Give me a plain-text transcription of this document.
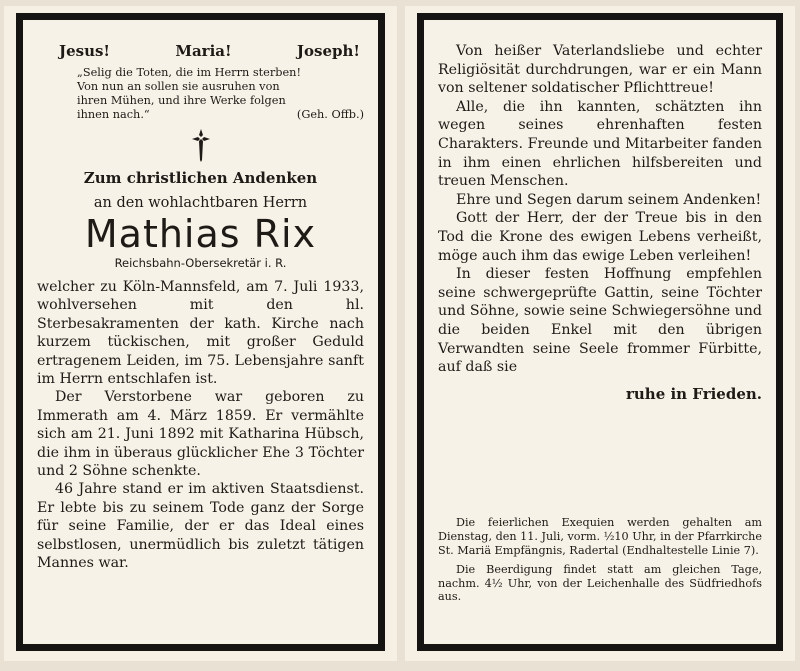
Jesus!	Maria!	Joseph!
„Selig die Toten, die im Herrn sterben!
Von nun an sollen sie ausruhen von
ihren Mühen, und ihre Werke folgen
ihnen nach.“	(Geh. Offb.)
Zum christlichen Andenken
an den wohlachtbaren Herrn
Mathias Rix
Reichsbahn-Obersekretär i. R.

welcher zu Köln-Mannsfeld, am 7. Juli 1933, wohlversehen mit den hl. Sterbesakramenten der kath. Kirche nach kurzem tückischen, mit großer Geduld ertragenem Leiden, im 75. Lebensjahre sanft im Herrn entschlafen ist.

Der Verstorbene war geboren zu Immerath am 4. März 1859. Er vermählte sich am 21. Juni 1892 mit Katharina Hübsch, die ihm in überaus glücklicher Ehe 3 Töchter und 2 Söhne schenkte.

46 Jahre stand er im aktiven Staatsdienst. Er lebte bis zu seinem Tode ganz der Sorge für seine Familie, der er das Ideal eines selbstlosen, unermüdlich bis zuletzt tätigen Mannes war.

Von heißer Vaterlandsliebe und echter Religiösität durchdrungen, war er ein Mann von seltener soldatischer Pflichttreue!

Alle, die ihn kannten, schätzten ihn wegen seines ehrenhaften festen Charakters. Freunde und Mitarbeiter fanden in ihm einen ehrlichen hilfsbereiten und treuen Menschen.

Ehre und Segen darum seinem Andenken!

Gott der Herr, der der Treue bis in den Tod die Krone des ewigen Lebens verheißt, möge auch ihm das ewige Leben verleihen!

In dieser festen Hoffnung empfehlen seine schwergeprüfte Gattin, seine Töchter und Söhne, sowie seine Schwiegersöhne und die beiden Enkel mit den übrigen Verwandten seine Seele frommer Fürbitte, auf daß sie

ruhe in Frieden.

Die feierlichen Exequien werden gehalten am Dienstag, den 11. Juli, vorm. ½10 Uhr, in der Pfarrkirche St. Mariä Empfängnis, Radertal (Endhaltestelle Linie 7).

Die Beerdigung findet statt am gleichen Tage, nachm. 4½ Uhr, von der Leichenhalle des Südfriedhofs aus.
